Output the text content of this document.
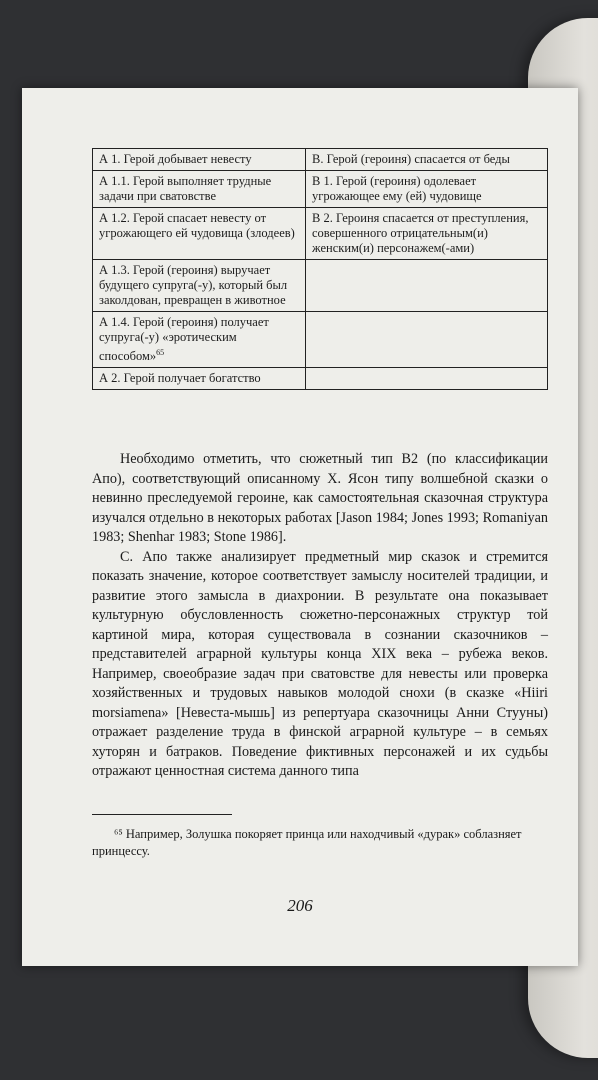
А 1. Герой добывает невесту	В. Герой (героиня) спасается от беды
А 1.1. Герой выполняет трудные задачи при сватовстве	В 1. Герой (героиня) одолевает угрожающее ему (ей) чудовище
А 1.2. Герой спасает невесту от угрожающего ей чудовища (злодеев)	В 2. Героиня спасается от преступления, совершенного отрицательным(и) женским(и) персонажем(-ами)
А 1.3. Герой (героиня) выручает будущего супруга(-у), который был заколдован, превращен в животное	
А 1.4. Герой (героиня) получает супруга(-у) «эротическим способом»$^{65}$	
А 2. Герой получает богатство	

Необходимо отметить, что сюжетный тип В2 (по классификации Апо), соответствующий описанному Х. Ясон типу волшебной сказки о невинно преследуемой героине, как самостоятельная сказочная структура изучался отдельно в некоторых работах [Jason 1984; Jones 1993; Romaniyan 1983; Shenhar 1983; Stone 1986].

С. Апо также анализирует предметный мир сказок и стремится показать значение, которое соответствует замыслу носителей традиции, и развитие этого замысла в диахронии. В результате она показывает культурную обусловленность сюжетно-персонажных структур той картиной мира, которая существовала в сознании сказочников – представителей аграрной культуры конца XIX века – рубежа веков. Например, своеобразие задач при сватовстве для невесты или проверка хозяйственных и трудовых навыков молодой снохи (в сказке «Hiiri morsiamena» [Невеста-мышь] из репертуара сказочницы Анни Стууны) отражает разделение труда в финской аграрной культуре – в семьях хуторян и батраков. Поведение фиктивных персонажей и их судьбы отражают ценностная система данного типа

⁶⁵ Например, Золушка покоряет принца или находчивый «дурак» соблазняет принцессу.

206
